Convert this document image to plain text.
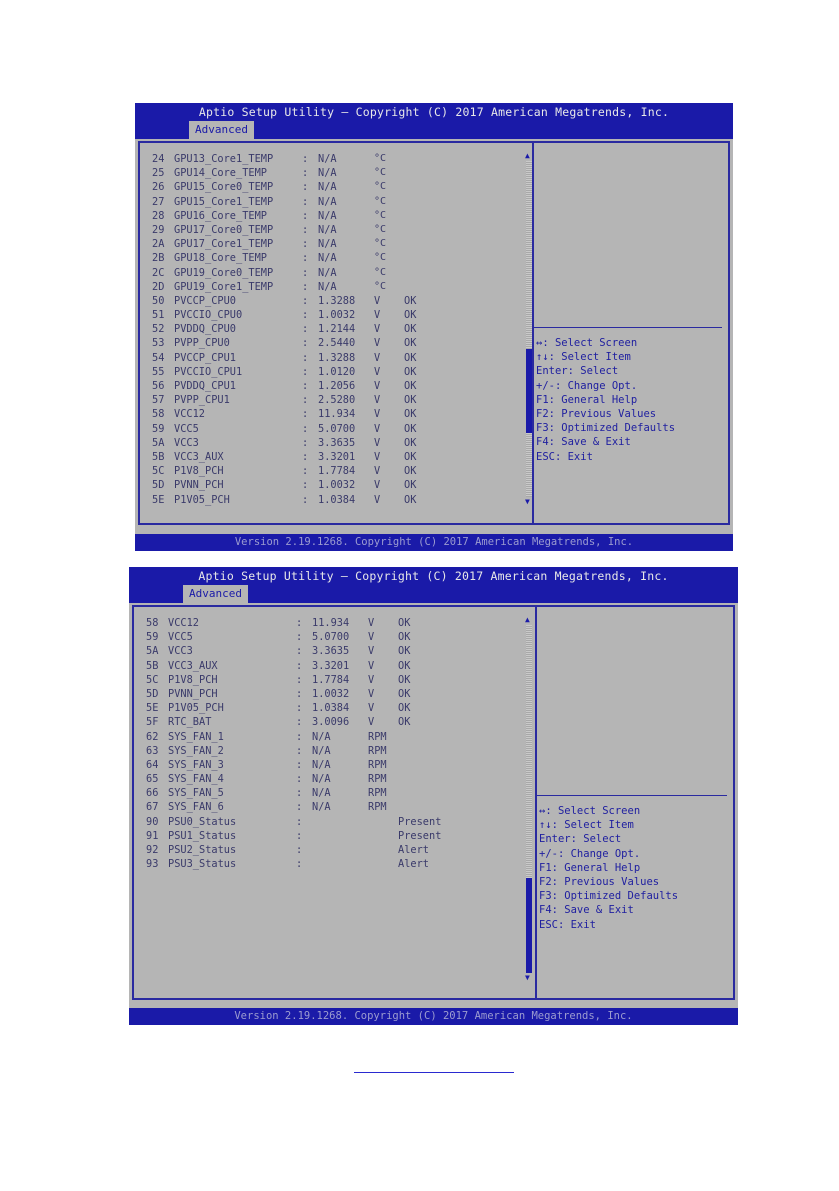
Aptio Setup Utility – Copyright (C) 2017 American Megatrends, Inc.
Advanced
24 GPU13_Core1_TEMP	: N/A	°C
25 GPU14_Core_TEMP	: N/A	°C
26 GPU15_Core0_TEMP	: N/A	°C
27 GPU15_Core1_TEMP	: N/A	°C
28 GPU16_Core_TEMP	: N/A	°C
29 GPU17_Core0_TEMP	: N/A	°C
2A GPU17_Core1_TEMP	: N/A	°C
2B GPU18_Core_TEMP	: N/A	°C
2C GPU19_Core0_TEMP	: N/A	°C
2D GPU19_Core1_TEMP	: N/A	°C
50 PVCCP_CPU0	: 1.3288 V OK
51 PVCCIO_CPU0	: 1.0032 V OK
52 PVDDQ_CPU0	: 1.2144 V OK
53 PVPP_CPU0	: 2.5440 V OK
54 PVCCP_CPU1	: 1.3288 V OK
55 PVCCIO_CPU1	: 1.0120 V OK
56 PVDDQ_CPU1	: 1.2056 V OK
57 PVPP_CPU1	: 2.5280 V OK
58 VCC12	: 11.934 V OK
59 VCC5	: 5.0700 V OK
5A VCC3	: 3.3635 V OK
5B VCC3_AUX	: 3.3201 V OK
5C P1V8_PCH	: 1.7784 V OK
5D PVNN_PCH	: 1.0032 V OK
5E P1V05_PCH	: 1.0384 V OK
▲
▼
↔: Select Screen
↑↓: Select Item
Enter: Select
+/-: Change Opt.
F1: General Help
F2: Previous Values
F3: Optimized Defaults
F4: Save & Exit
ESC: Exit
Version 2.19.1268. Copyright (C) 2017 American Megatrends, Inc.
Aptio Setup Utility – Copyright (C) 2017 American Megatrends, Inc.
Advanced
58 VCC12	: 11.934 V OK
59 VCC5	: 5.0700 V OK
5A VCC3	: 3.3635 V OK
5B VCC3_AUX	: 3.3201 V OK
5C P1V8_PCH	: 1.7784 V OK
5D PVNN_PCH	: 1.0032 V OK
5E P1V05_PCH	: 1.0384 V OK
5F RTC_BAT	: 3.0096 V OK
62 SYS_FAN_1	: N/A	RPM
63 SYS_FAN_2	: N/A	RPM
64 SYS_FAN_3	: N/A	RPM
65 SYS_FAN_4	: N/A	RPM
66 SYS_FAN_5	: N/A	RPM
67 SYS_FAN_6	: N/A	RPM
90 PSU0_Status	:	Present
91 PSU1_Status	:	Present
92 PSU2_Status	:	Alert
93 PSU3_Status	:	Alert
▲
▼
↔: Select Screen
↑↓: Select Item
Enter: Select
+/-: Change Opt.
F1: General Help
F2: Previous Values
F3: Optimized Defaults
F4: Save & Exit
ESC: Exit
Version 2.19.1268. Copyright (C) 2017 American Megatrends, Inc.
